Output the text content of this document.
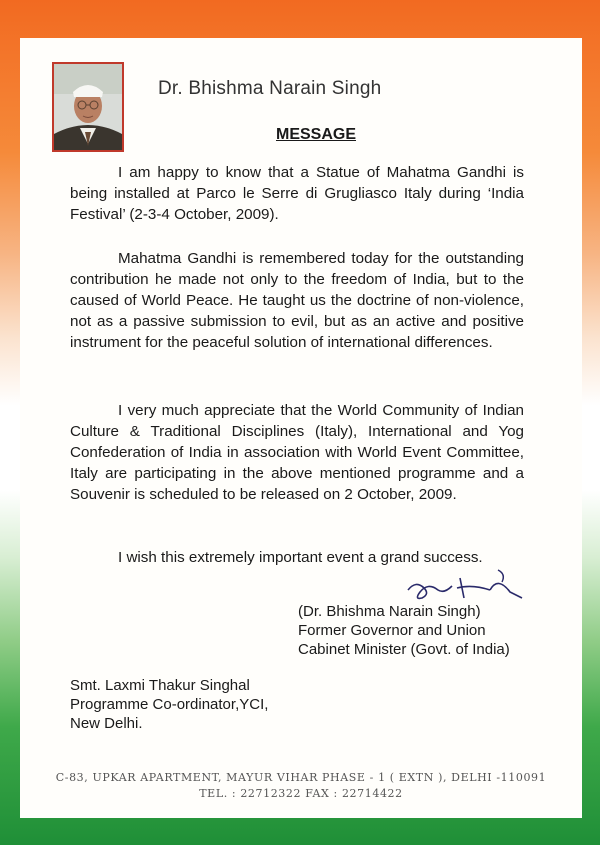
Dr. Bhishma Narain Singh
MESSAGE
I am happy to know that a Statue of Mahatma Gandhi is being installed at Parco le Serre di Grugliasco Italy during ‘India Festival’ (2-3-4 October, 2009).
Mahatma Gandhi is remembered today for the outstanding contribution he made not only to the freedom of India, but to the caused of World Peace. He taught us the doctrine of non-violence, not as a passive submission to evil, but as an active and positive instrument for the peaceful solution of international differences.
I very much appreciate that the World Community of Indian Culture & Traditional Disciplines (Italy), International and Yog Confederation of India in association with World Event Committee, Italy are participating in the above mentioned programme and a Souvenir is scheduled to be released on 2 October, 2009.
I wish this extremely important event a grand success.
(Dr. Bhishma Narain Singh)
Former Governor and Union
Cabinet Minister (Govt. of India)
Smt. Laxmi Thakur Singhal
Programme Co-ordinator,YCI,
New Delhi.
C-83, UPKAR APARTMENT, MAYUR VIHAR PHASE - 1 ( EXTN ), DELHI -110091
TEL. : 22712322 FAX : 22714422
